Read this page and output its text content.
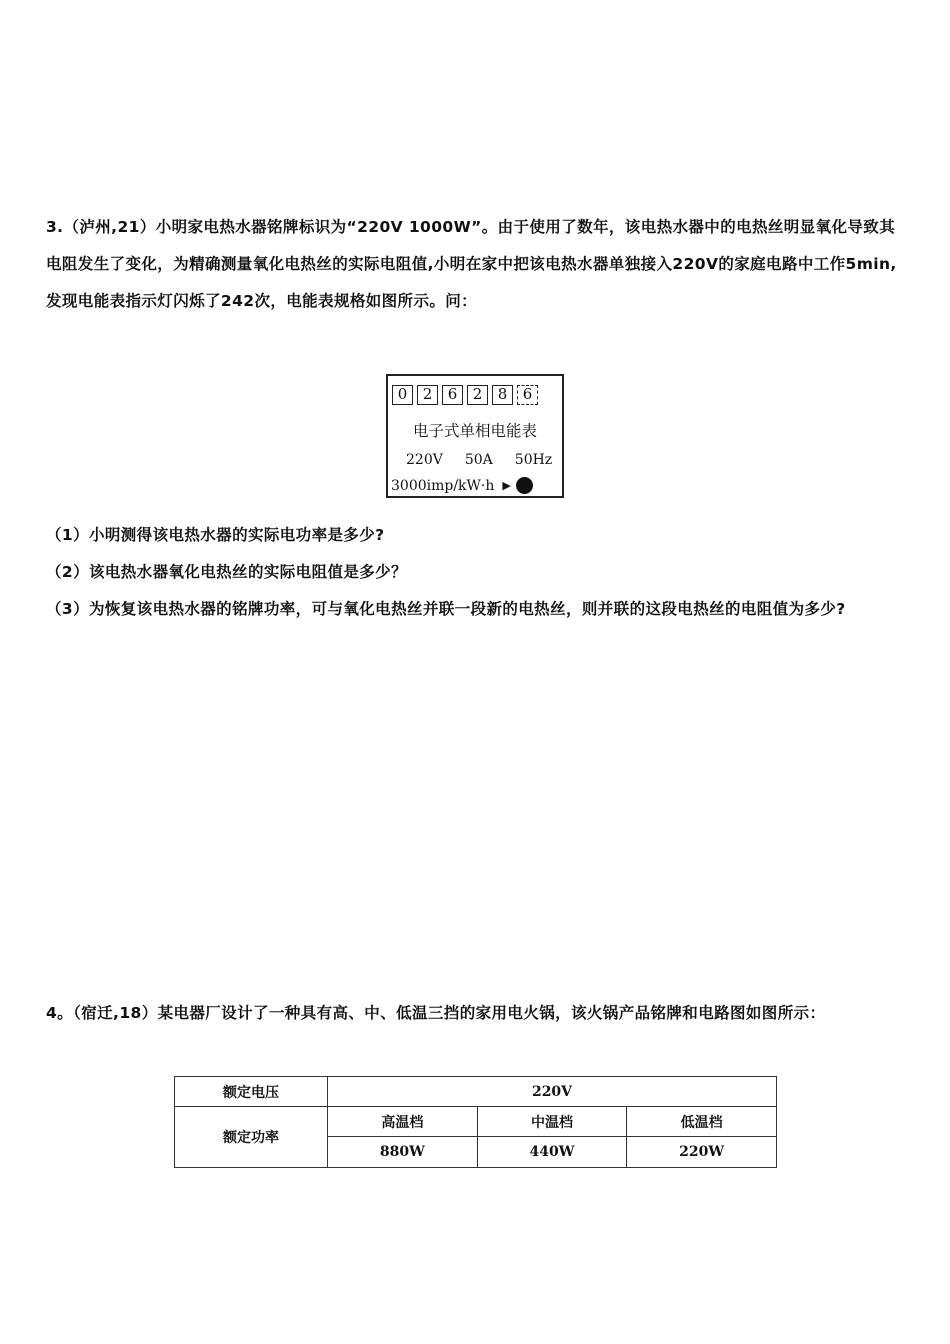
3.（泸州,21）小明家电热水器铭牌标识为“220V 1000W”。由于使用了数年，该电热水器中的电热丝明显氧化导致其电阻发生了变化，为精确测量氧化电热丝的实际电阻值,小明在家中把该电热水器单独接入220V的家庭电路中工作5min,发现电能表指示灯闪烁了242次，电能表规格如图所示。问：

0	2	6	2	8	6
电子式单相电能表
220V 50A 50Hz
3000imp/kW·h ▶

（1）小明测得该电热水器的实际电功率是多少?

（2）该电热水器氧化电热丝的实际电阻值是多少？

（3）为恢复该电热水器的铭牌功率，可与氧化电热丝并联一段新的电热丝，则并联的这段电热丝的电阻值为多少?

4。（宿迁,18）某电器厂设计了一种具有高、中、低温三挡的家用电火锅，该火锅产品铭牌和电路图如图所示：

额定电压	220V		
额定功率	高温档	中温档	低温档
	880W	440W	220W
